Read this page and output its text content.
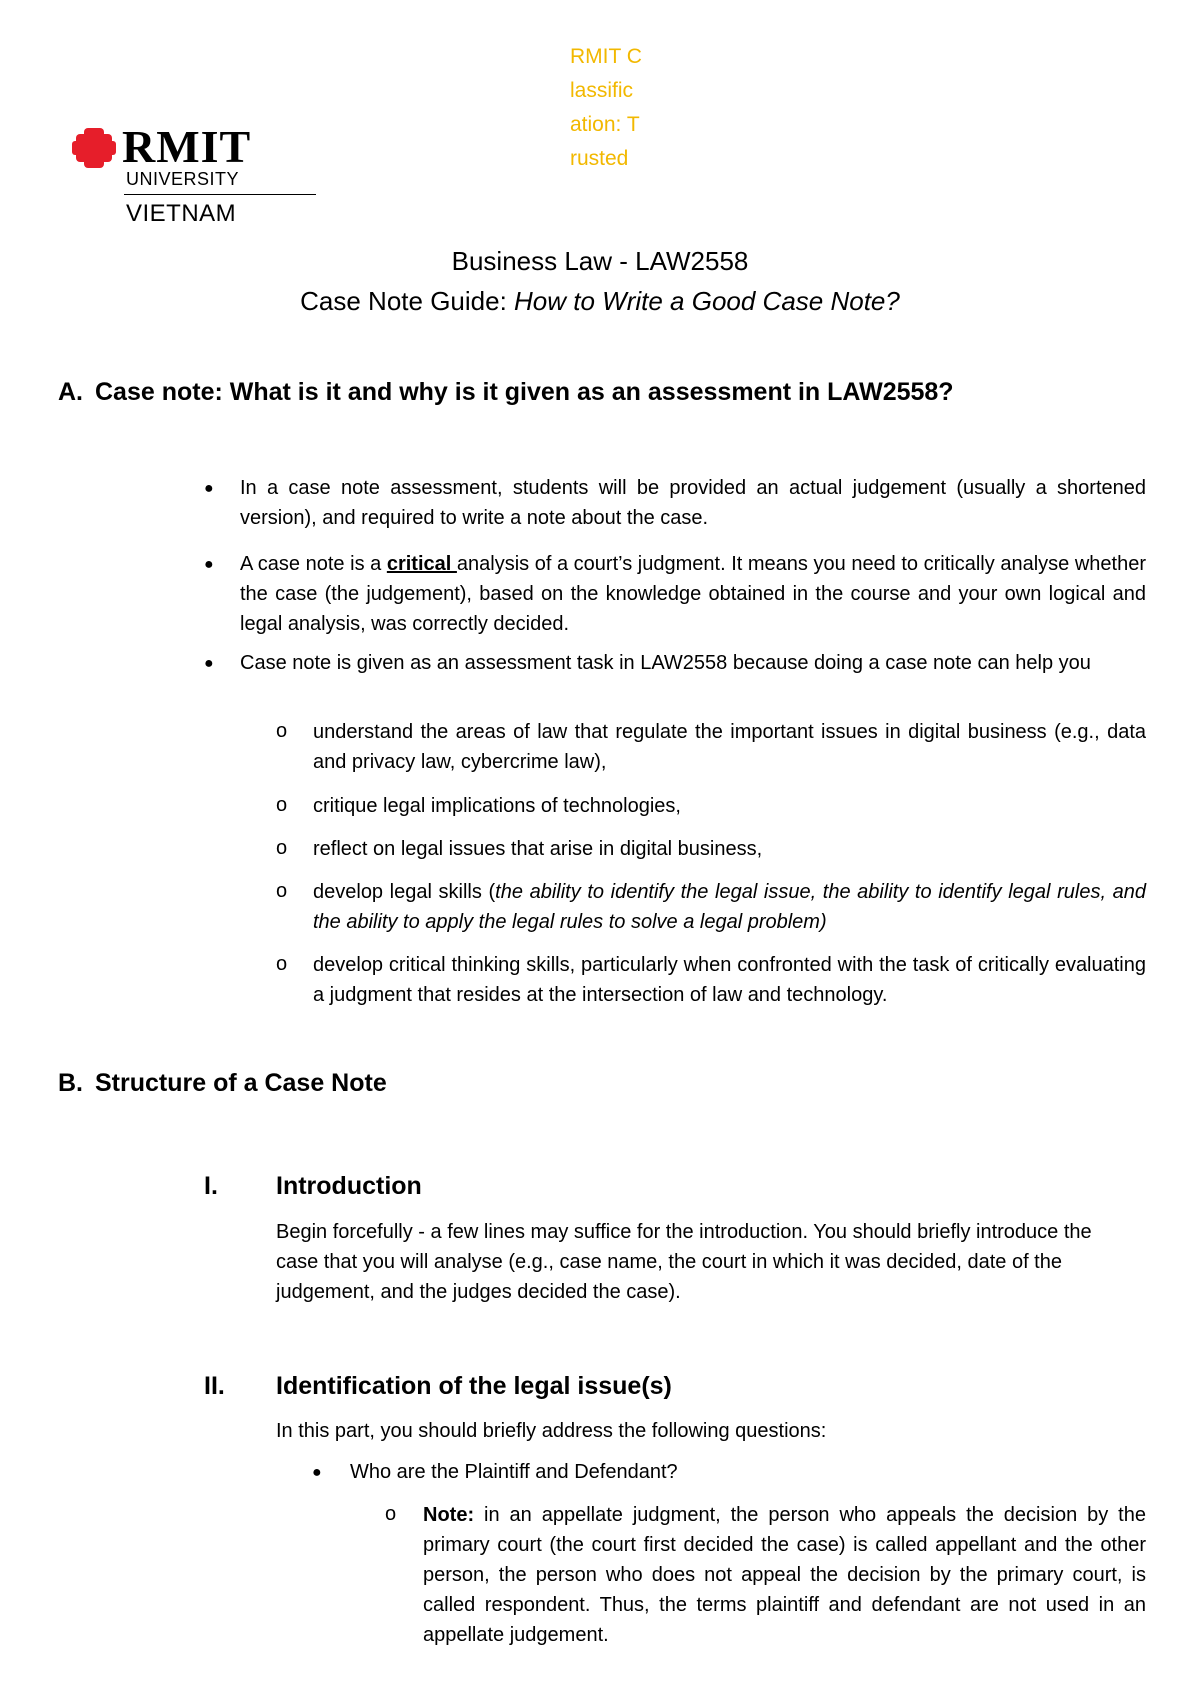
RMIT Classification: Trusted
RMIT
UNIVERSITY
VIETNAM
Business Law - LAW2558
Case Note Guide: How to Write a Good Case Note?
A. Case note: What is it and why is it given as an assessment in LAW2558?
● In a case note assessment, students will be provided an actual judgement (usually a shortened version), and required to write a note about the case.
● A case note is a critical analysis of a court’s judgment. It means you need to critically analyse whether the case (the judgement), based on the knowledge obtained in the course and your own logical and legal analysis, was correctly decided.
● Case note is given as an assessment task in LAW2558 because doing a case note can help you
o understand the areas of law that regulate the important issues in digital business (e.g., data and privacy law, cybercrime law),
o critique legal implications of technologies,
o reflect on legal issues that arise in digital business,
o develop legal skills (the ability to identify the legal issue, the ability to identify legal rules, and the ability to apply the legal rules to solve a legal problem)
o develop critical thinking skills, particularly when confronted with the task of critically evaluating a judgment that resides at the intersection of law and technology.
B. Structure of a Case Note
I. Introduction
Begin forcefully - a few lines may suffice for the introduction. You should briefly introduce the case that you will analyse (e.g., case name, the court in which it was decided, date of the judgement, and the judges decided the case).
II. Identification of the legal issue(s)
In this part, you should briefly address the following questions:
● Who are the Plaintiff and Defendant?
o Note: in an appellate judgment, the person who appeals the decision by the primary court (the court first decided the case) is called appellant and the other person, the person who does not appeal the decision by the primary court, is called respondent. Thus, the terms plaintiff and defendant are not used in an appellate judgement.
